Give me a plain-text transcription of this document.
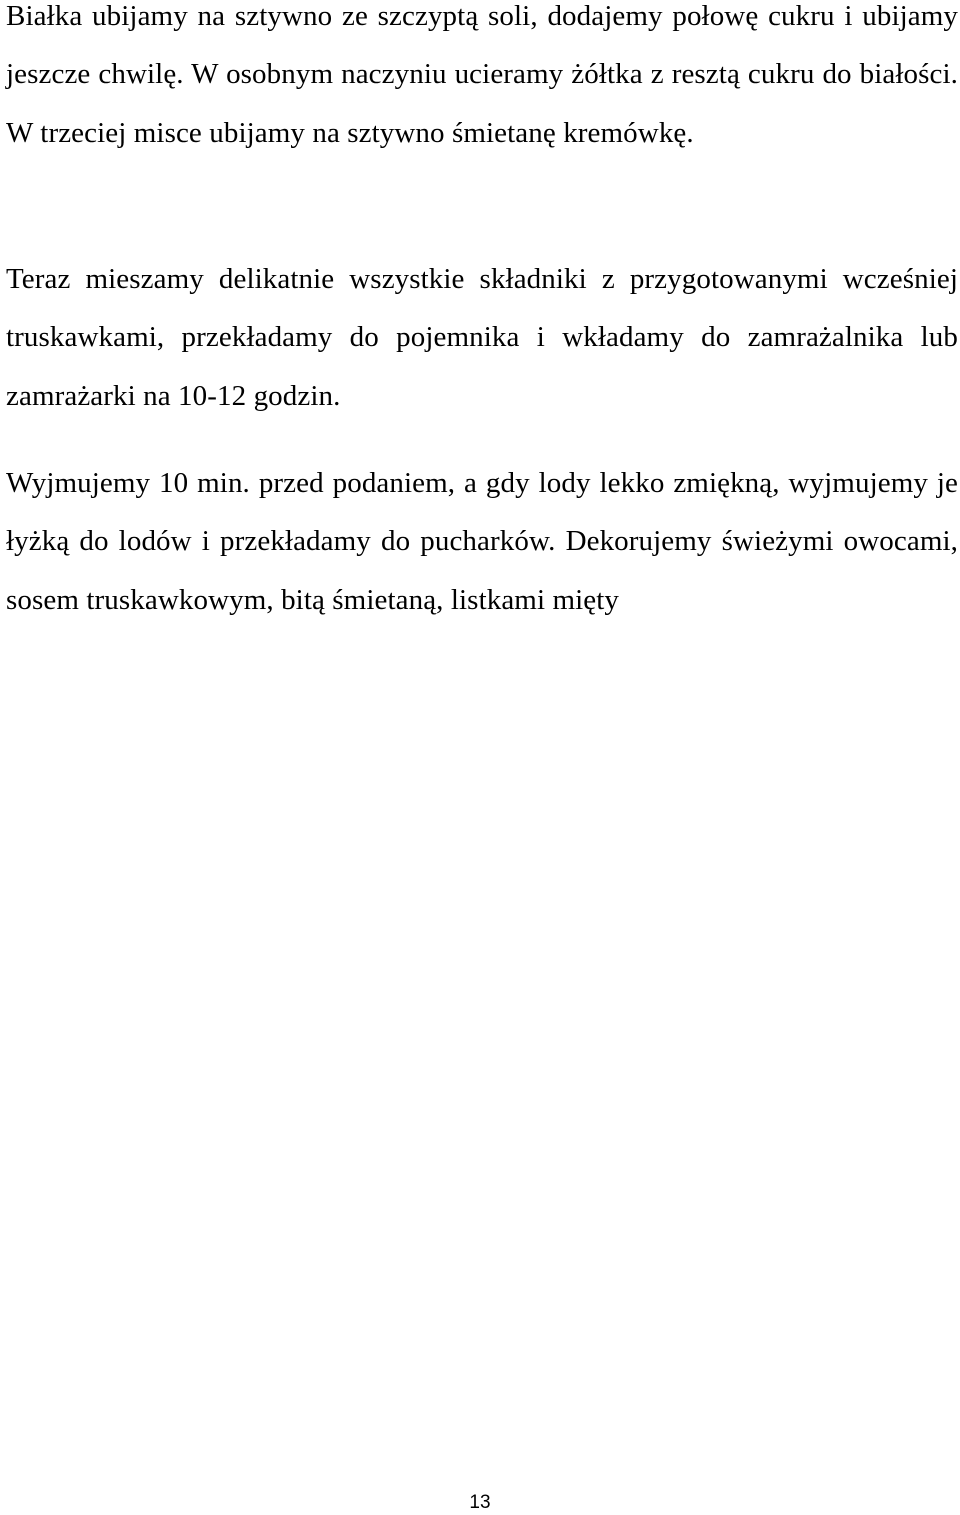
Białka ubijamy na sztywno ze szczyptą soli, dodajemy połowę cukru i ubijamy jeszcze chwilę. W osobnym naczyniu ucieramy żółtka z resztą cukru do białości. W trzeciej misce ubijamy na sztywno śmietanę kremówkę.

Teraz mieszamy delikatnie wszystkie składniki z przygotowanymi wcześniej truskawkami, przekładamy do pojemnika i wkładamy do zamrażalnika lub zamrażarki na 10-12 godzin.

Wyjmujemy 10 min. przed podaniem, a gdy lody lekko zmiękną, wyjmujemy je łyżką do lodów i przekładamy do pucharków. Dekorujemy świeżymi owocami, sosem truskawkowym, bitą śmietaną, listkami mięty

13
